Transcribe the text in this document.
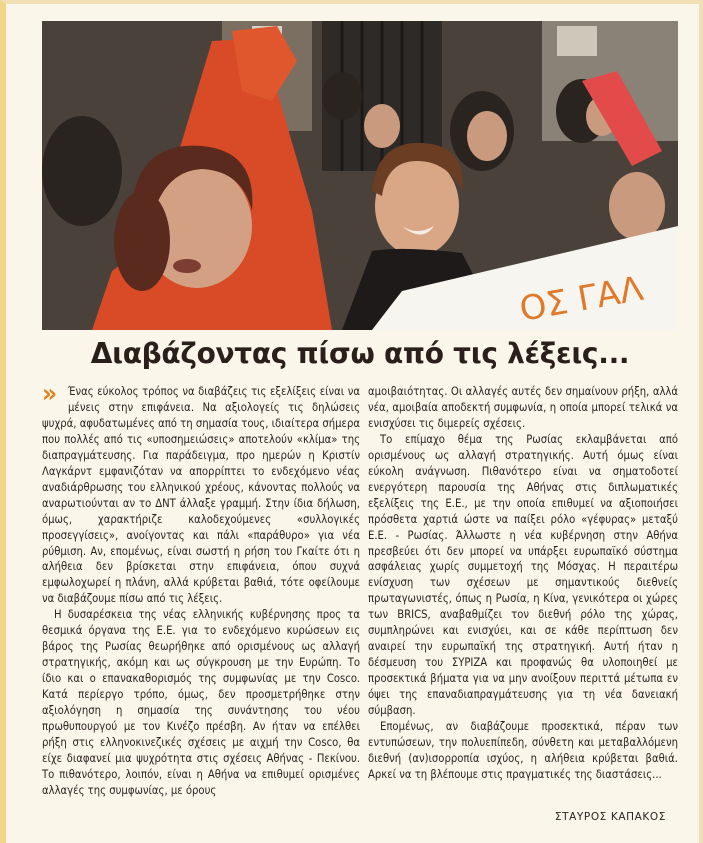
ΟΣ ΓΑΛ
Διαβάζοντας πίσω από τις λέξεις...

» Ένας εύκολος τρόπος να διαβάζεις τις εξελίξεις είναι να μένεις στην επιφάνεια. Να αξιολογείς τις δηλώσεις ψυχρά, αφυδατωμένες από τη σημασία τους, ιδιαίτερα σήμερα που πολλές από τις «υποσημειώσεις» αποτελούν «κλίμα» της διαπραγμάτευσης. Για παράδειγμα, προ ημερών η Κριστίν Λαγκάρντ εμφανιζόταν να απορρίπτει το ενδεχόμενο νέας αναδιάρθρωσης του ελληνικού χρέους, κάνοντας πολλούς να αναρωτιούνται αν το ΔΝΤ άλλαξε γραμμή. Στην ίδια δήλωση, όμως, χαρακτήριζε καλοδεχούμενες «συλλογικές προσεγγίσεις», ανοίγοντας και πάλι «παράθυρο» για νέα ρύθμιση. Αν, επομένως, είναι σωστή η ρήση του Γκαίτε ότι η αλήθεια δεν βρίσκεται στην επιφάνεια, όπου συχνά εμφωλοχωρεί η πλάνη, αλλά κρύβεται βαθιά, τότε οφείλουμε να διαβάζουμε πίσω από τις λέξεις.

Η δυσαρέσκεια της νέας ελληνικής κυβέρνησης προς τα θεσμικά όργανα της Ε.Ε. για το ενδεχόμενο κυρώσεων εις βάρος της Ρωσίας θεωρήθηκε από ορισμένους ως αλλαγή στρατηγικής, ακόμη και ως σύγκρουση με την Ευρώπη. Το ίδιο και ο επανακαθορισμός της συμφωνίας με την Cosco. Κατά περίεργο τρόπο, όμως, δεν προσμετρήθηκε στην αξιολόγηση η σημασία της συνάντησης του νέου πρωθυπουργού με τον Κινέζο πρέσβη. Αν ήταν να επέλθει ρήξη στις ελληνοκινεζικές σχέσεις με αιχμή την Cosco, θα είχε διαφανεί μια ψυχρότητα στις σχέσεις Αθήνας - Πεκίνου. Το πιθανότερο, λοιπόν, είναι η Αθήνα να επιθυμεί ορισμένες αλλαγές της συμφωνίας, με όρους

αμοιβαιότητας. Οι αλλαγές αυτές δεν σημαίνουν ρήξη, αλλά νέα, αμοιβαία αποδεκτή συμφωνία, η οποία μπορεί τελικά να ενισχύσει τις διμερείς σχέσεις.

Το επίμαχο θέμα της Ρωσίας εκλαμβάνεται από ορισμένους ως αλλαγή στρατηγικής. Αυτή όμως είναι εύκολη ανάγνωση. Πιθανότερο είναι να σηματοδοτεί ενεργότερη παρουσία της Αθήνας στις διπλωματικές εξελίξεις της Ε.Ε., με την οποία επιθυμεί να αξιοποιήσει πρόσθετα χαρτιά ώστε να παίξει ρόλο «γέφυρας» μεταξύ Ε.Ε. - Ρωσίας. Άλλωστε η νέα κυβέρνηση στην Αθήνα πρεσβεύει ότι δεν μπορεί να υπάρξει ευρωπαϊκό σύστημα ασφάλειας χωρίς συμμετοχή της Μόσχας. Η περαιτέρω ενίσχυση των σχέσεων με σημαντικούς διεθνείς πρωταγωνιστές, όπως η Ρωσία, η Κίνα, γενικότερα οι χώρες των BRICS, αναβαθμίζει τον διεθνή ρόλο της χώρας, συμπληρώνει και ενισχύει, και σε κάθε περίπτωση δεν αναιρεί την ευρωπαϊκή της στρατηγική. Αυτή ήταν η δέσμευση του ΣΥΡΙΖΑ και προφανώς θα υλοποιηθεί με προσεκτικά βήματα για να μην ανοίξουν περιττά μέτωπα εν όψει της επαναδιαπραγμάτευσης για τη νέα δανειακή σύμβαση.

Επομένως, αν διαβάζουμε προσεκτικά, πέραν των εντυπώσεων, την πολυεπίπεδη, σύνθετη και μεταβαλλόμενη διεθνή (αν)ισορροπία ισχύος, η αλήθεια κρύβεται βαθιά. Αρκεί να τη βλέπουμε στις πραγματικές της διαστάσεις...

ΣΤΑΥΡΟΣ ΚΑΠΑΚΟΣ
